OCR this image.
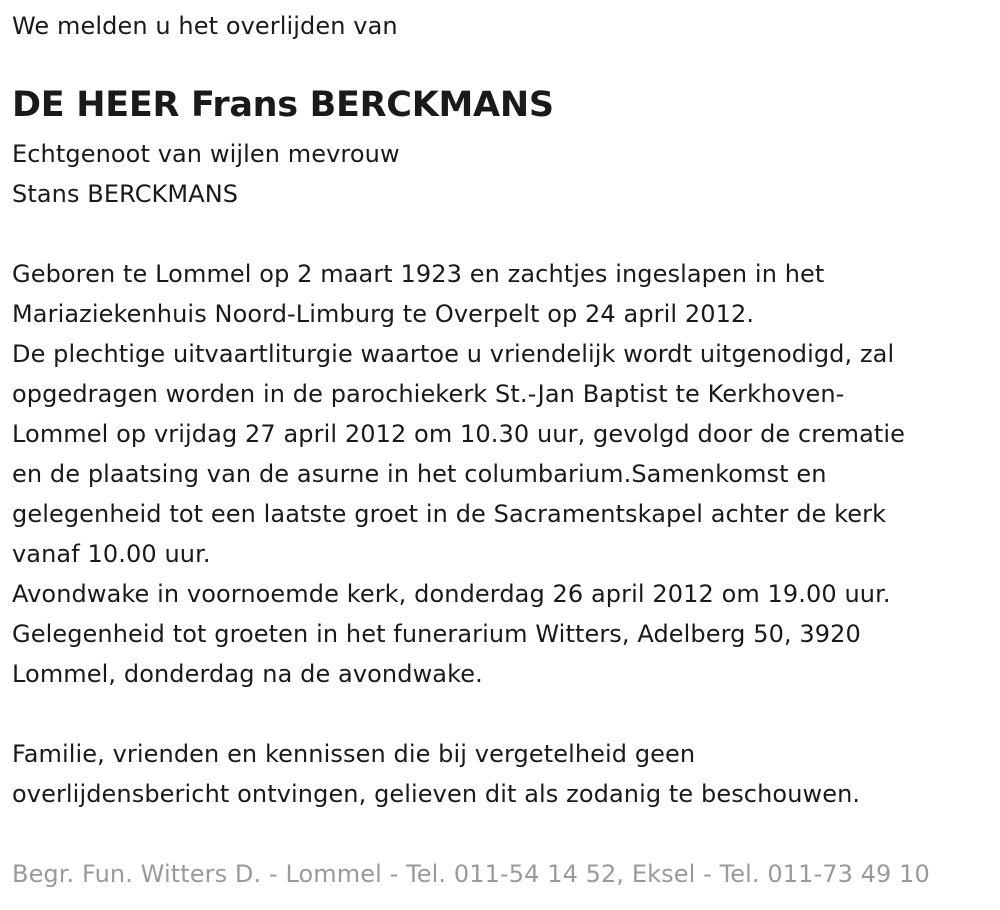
We melden u het overlijden van
DE HEER Frans BERCKMANS
Echtgenoot van wijlen mevrouw
Stans BERCKMANS
Geboren te Lommel op 2 maart 1923 en zachtjes ingeslapen in het
Mariaziekenhuis Noord-Limburg te Overpelt op 24 april 2012.
De plechtige uitvaartliturgie waartoe u vriendelijk wordt uitgenodigd, zal
opgedragen worden in de parochiekerk St.-Jan Baptist te Kerkhoven-
Lommel op vrijdag 27 april 2012 om 10.30 uur, gevolgd door de crematie
en de plaatsing van de asurne in het columbarium.Samenkomst en
gelegenheid tot een laatste groet in de Sacramentskapel achter de kerk
vanaf 10.00 uur.
Avondwake in voornoemde kerk, donderdag 26 april 2012 om 19.00 uur.
Gelegenheid tot groeten in het funerarium Witters, Adelberg 50, 3920
Lommel, donderdag na de avondwake.
Familie, vrienden en kennissen die bij vergetelheid geen
overlijdensbericht ontvingen, gelieven dit als zodanig te beschouwen.
Begr. Fun. Witters D. - Lommel - Tel. 011-54 14 52, Eksel - Tel. 011-73 49 10
